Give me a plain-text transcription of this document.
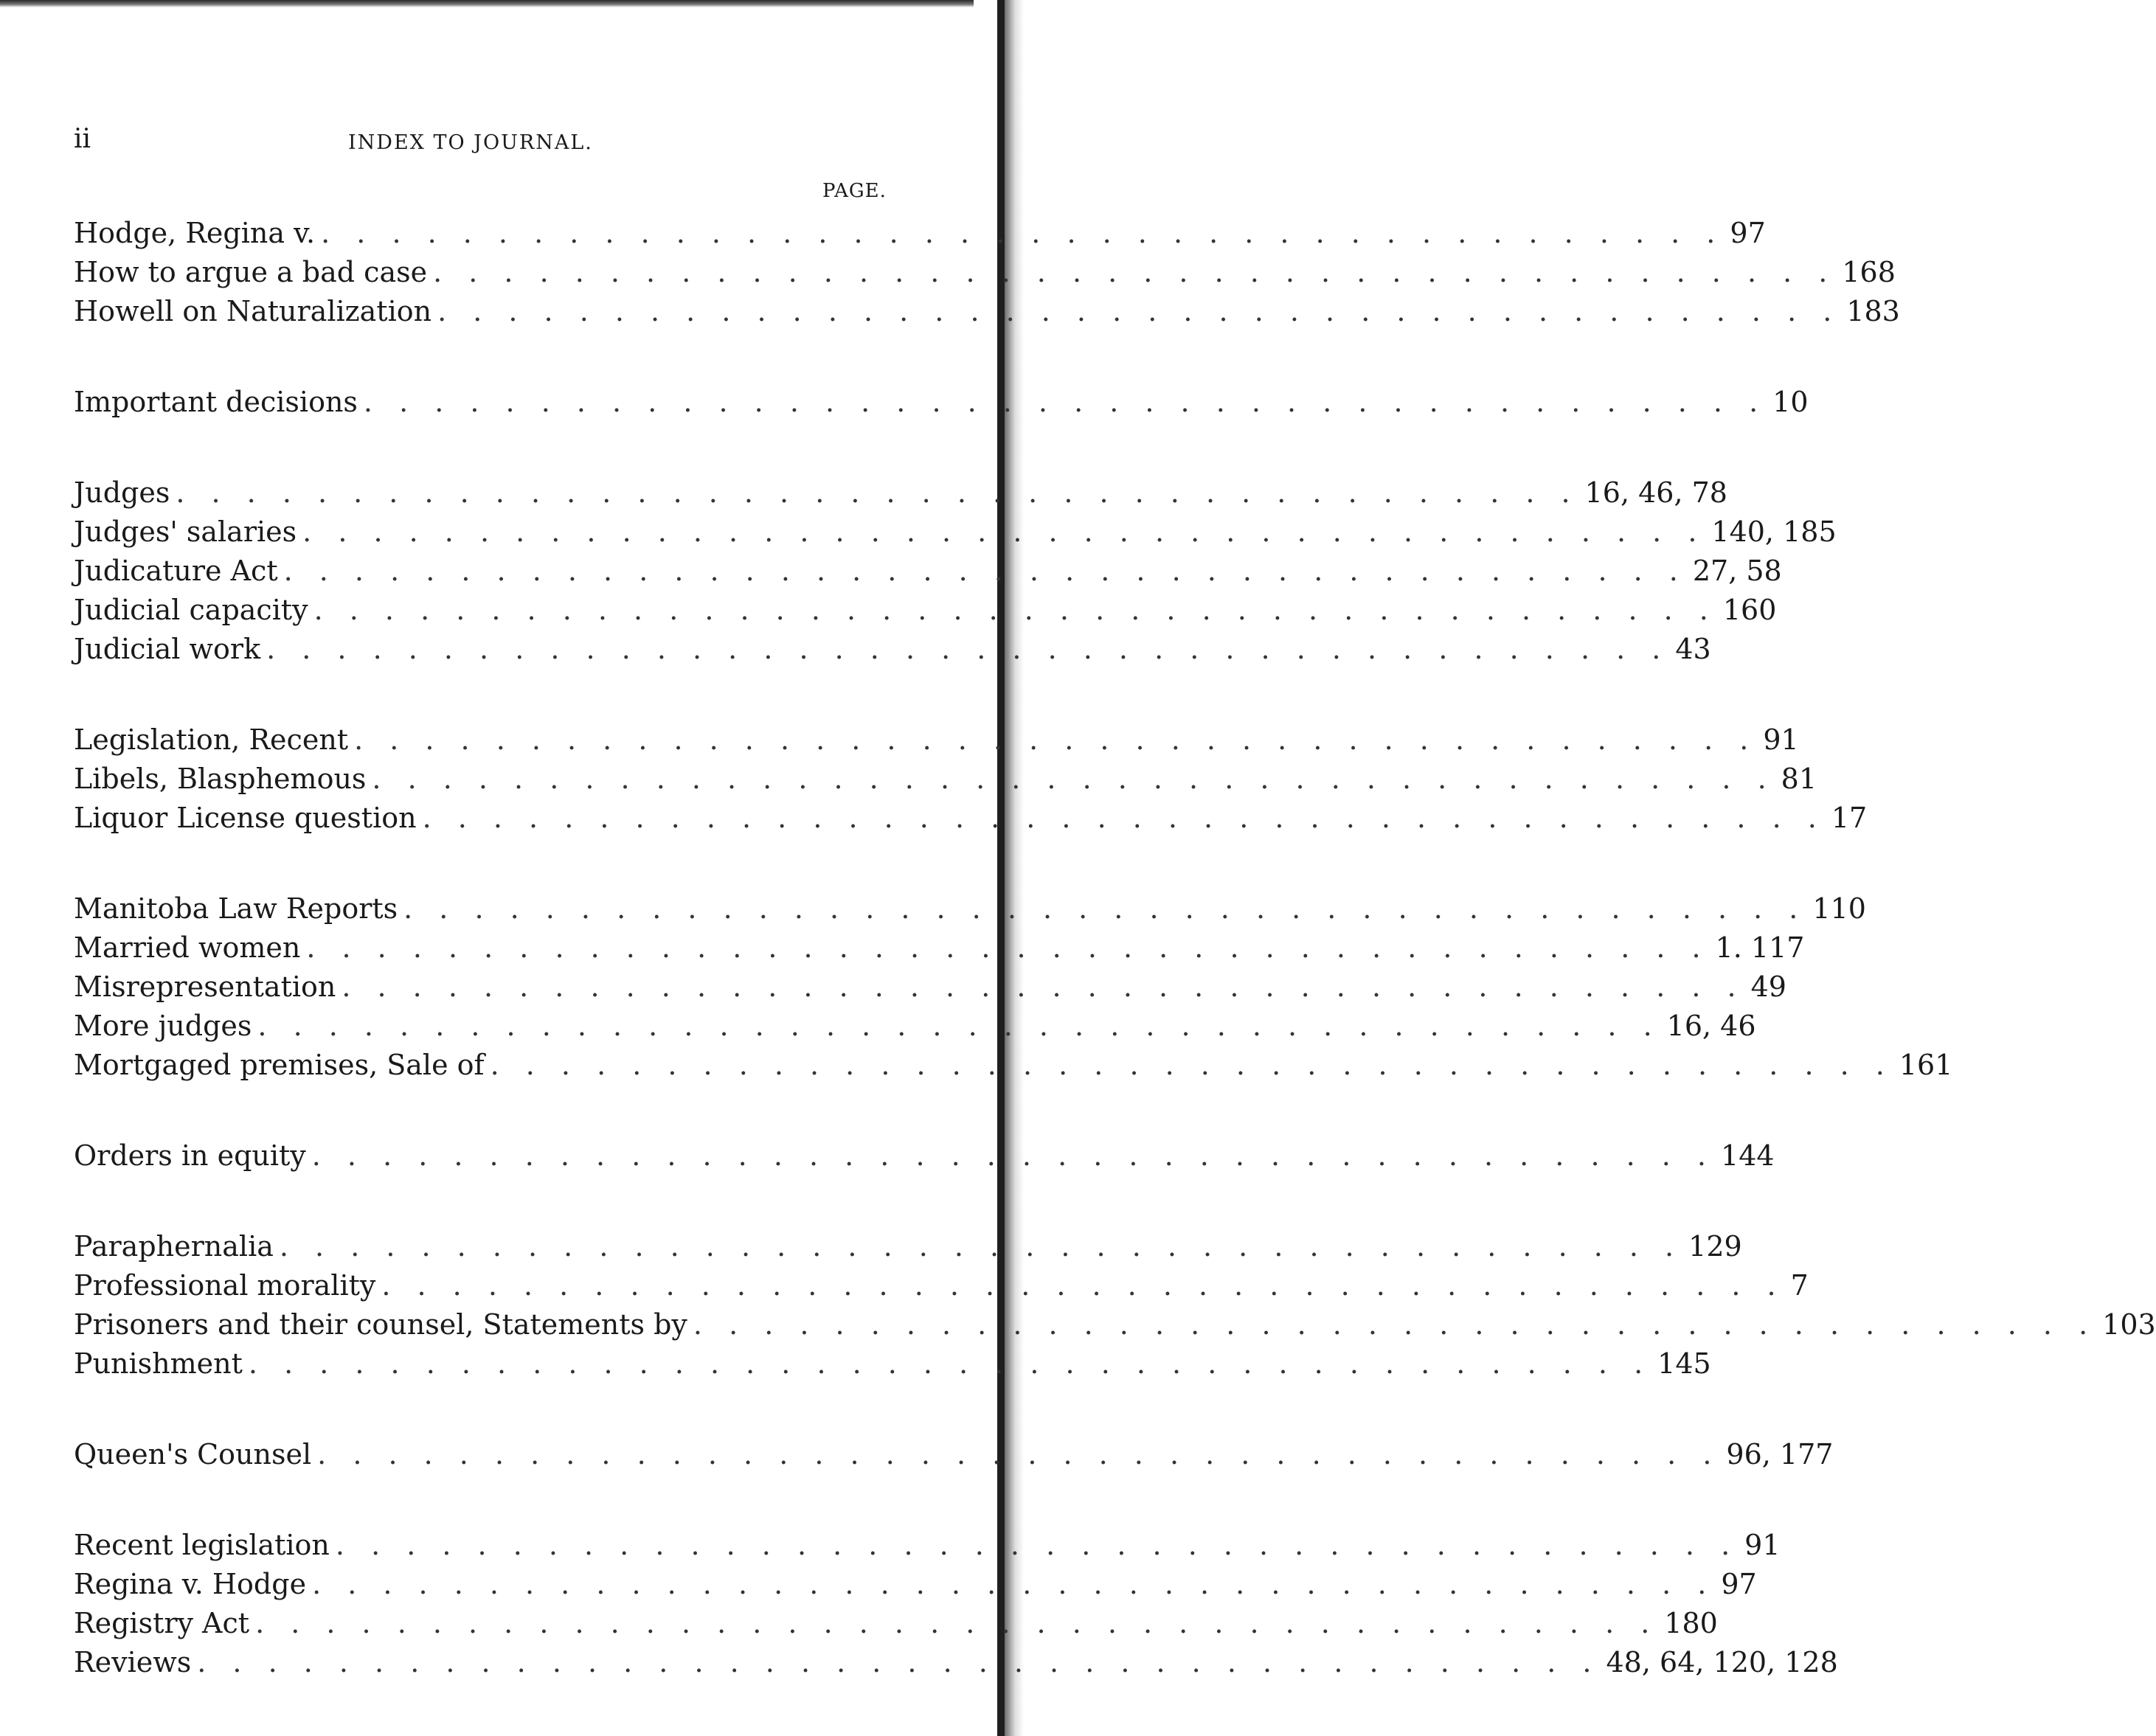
ii	INDEX TO JOURNAL.
PAGE.
Hodge, Regina v. . . . . . . . . . . . . . . . . . . . . . . . . . . . . . . . . . . . . . . . . 97
How to argue a bad case . . . . . . . . . . . . . . . . . . . . . . . . . . . . . . . . . . . . . . . . 168
Howell on Naturalization . . . . . . . . . . . . . . . . . . . . . . . . . . . . . . . . . . . . . . . . 183
Important decisions . . . . . . . . . . . . . . . . . . . . . . . . . . . . . . . . . . . . . . . . 10
Judges . . . . . . . . . . . . . . . . . . . . . . . . . . . . . . . . . . . . . . . . 16, 46, 78
Judges' salaries . . . . . . . . . . . . . . . . . . . . . . . . . . . . . . . . . . . . . . . . 140, 185
Judicature Act . . . . . . . . . . . . . . . . . . . . . . . . . . . . . . . . . . . . . . . . 27, 58
Judicial capacity . . . . . . . . . . . . . . . . . . . . . . . . . . . . . . . . . . . . . . . . 160
Judicial work . . . . . . . . . . . . . . . . . . . . . . . . . . . . . . . . . . . . . . . . 43
Legislation, Recent . . . . . . . . . . . . . . . . . . . . . . . . . . . . . . . . . . . . . . . . 91
Libels, Blasphemous . . . . . . . . . . . . . . . . . . . . . . . . . . . . . . . . . . . . . . . . 81
Liquor License question . . . . . . . . . . . . . . . . . . . . . . . . . . . . . . . . . . . . . . . . 17
Manitoba Law Reports . . . . . . . . . . . . . . . . . . . . . . . . . . . . . . . . . . . . . . . . 110
Married women . . . . . . . . . . . . . . . . . . . . . . . . . . . . . . . . . . . . . . . . 1. 117
Misrepresentation . . . . . . . . . . . . . . . . . . . . . . . . . . . . . . . . . . . . . . . . 49
More judges . . . . . . . . . . . . . . . . . . . . . . . . . . . . . . . . . . . . . . . . 16, 46
Mortgaged premises, Sale of . . . . . . . . . . . . . . . . . . . . . . . . . . . . . . . . . . . . . . . . 161
Orders in equity . . . . . . . . . . . . . . . . . . . . . . . . . . . . . . . . . . . . . . . . 144
Paraphernalia . . . . . . . . . . . . . . . . . . . . . . . . . . . . . . . . . . . . . . . . 129
Professional morality . . . . . . . . . . . . . . . . . . . . . . . . . . . . . . . . . . . . . . . . 7
Prisoners and their counsel, Statements by . . . . . . . . . . . . . . . . . . . . . . . . . . . . . . . . . . . . . . . . 103
Punishment . . . . . . . . . . . . . . . . . . . . . . . . . . . . . . . . . . . . . . . . 145
Queen's Counsel . . . . . . . . . . . . . . . . . . . . . . . . . . . . . . . . . . . . . . . . 96, 177
Recent legislation . . . . . . . . . . . . . . . . . . . . . . . . . . . . . . . . . . . . . . . . 91
Regina v. Hodge . . . . . . . . . . . . . . . . . . . . . . . . . . . . . . . . . . . . . . . . 97
Registry Act . . . . . . . . . . . . . . . . . . . . . . . . . . . . . . . . . . . . . . . . 180
Reviews . . . . . . . . . . . . . . . . . . . . . . . . . . . . . . . . . . . . . . . . 48, 64, 120, 128
